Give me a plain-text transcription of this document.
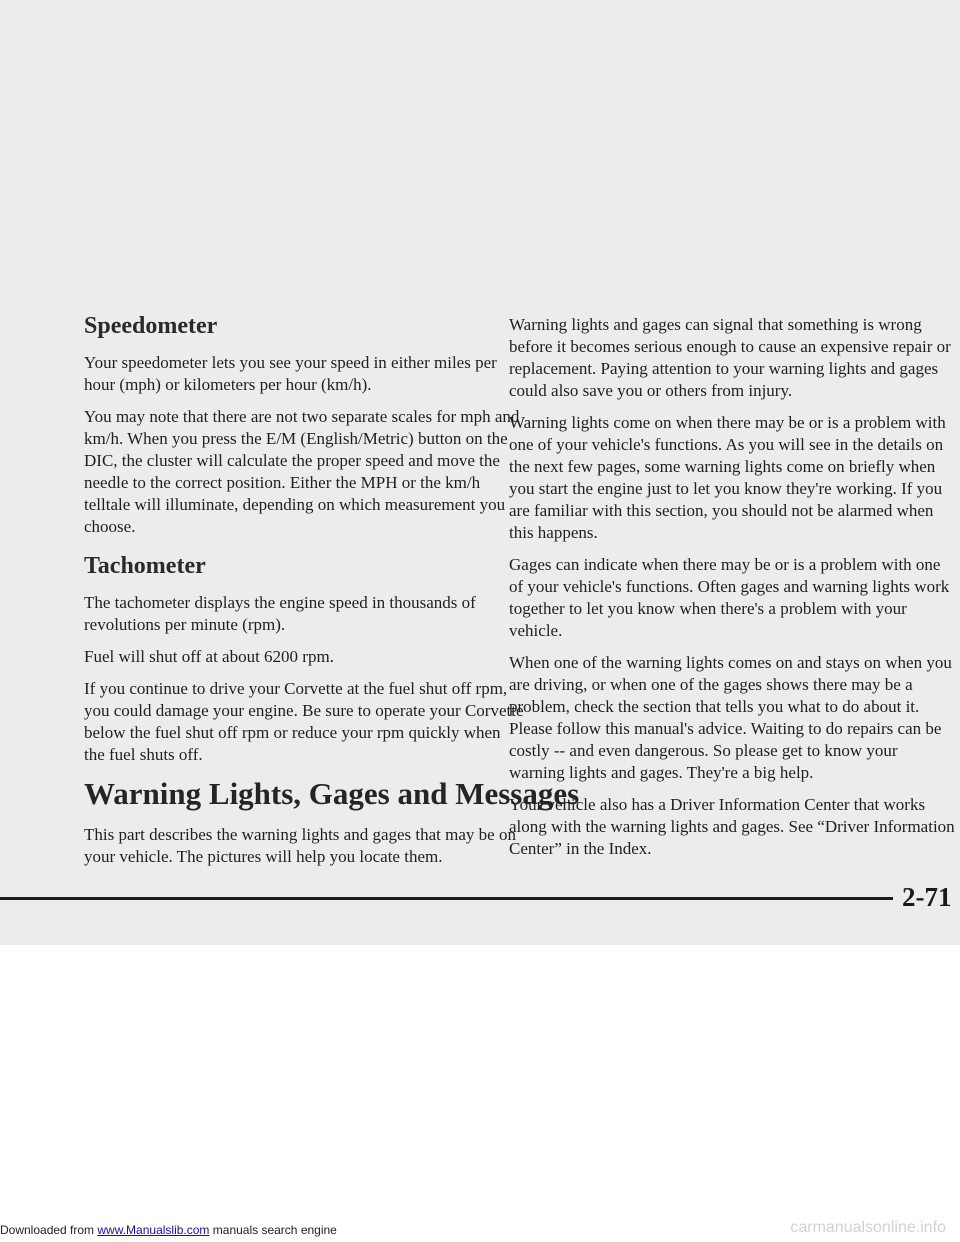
Speedometer

Your speedometer lets you see your speed in either miles per hour (mph) or kilometers per hour (km/h).

You may note that there are not two separate scales for mph and km/h. When you press the E/M (English/Metric) button on the DIC, the cluster will calculate the proper speed and move the needle to the correct position. Either the MPH or the km/h telltale will illuminate, depending on which measurement you choose.

Tachometer

The tachometer displays the engine speed in thousands of revolutions per minute (rpm).

Fuel will shut off at about 6200 rpm.

If you continue to drive your Corvette at the fuel shut off rpm, you could damage your engine. Be sure to operate your Corvette below the fuel shut off rpm or reduce your rpm quickly when the fuel shuts off.

Warning Lights, Gages and Messages

This part describes the warning lights and gages that may be on your vehicle. The pictures will help you locate them.

Warning lights and gages can signal that something is wrong before it becomes serious enough to cause an expensive repair or replacement. Paying attention to your warning lights and gages could also save you or others from injury.

Warning lights come on when there may be or is a problem with one of your vehicle's functions. As you will see in the details on the next few pages, some warning lights come on briefly when you start the engine just to let you know they're working. If you are familiar with this section, you should not be alarmed when this happens.

Gages can indicate when there may be or is a problem with one of your vehicle's functions. Often gages and warning lights work together to let you know when there's a problem with your vehicle.

When one of the warning lights comes on and stays on when you are driving, or when one of the gages shows there may be a problem, check the section that tells you what to do about it. Please follow this manual's advice. Waiting to do repairs can be costly -- and even dangerous. So please get to know your warning lights and gages. They're a big help.

Your vehicle also has a Driver Information Center that works along with the warning lights and gages. See “Driver Information Center” in the Index.

2-71
Downloaded from www.Manualslib.com manuals search engine	carmanualsonline.info
